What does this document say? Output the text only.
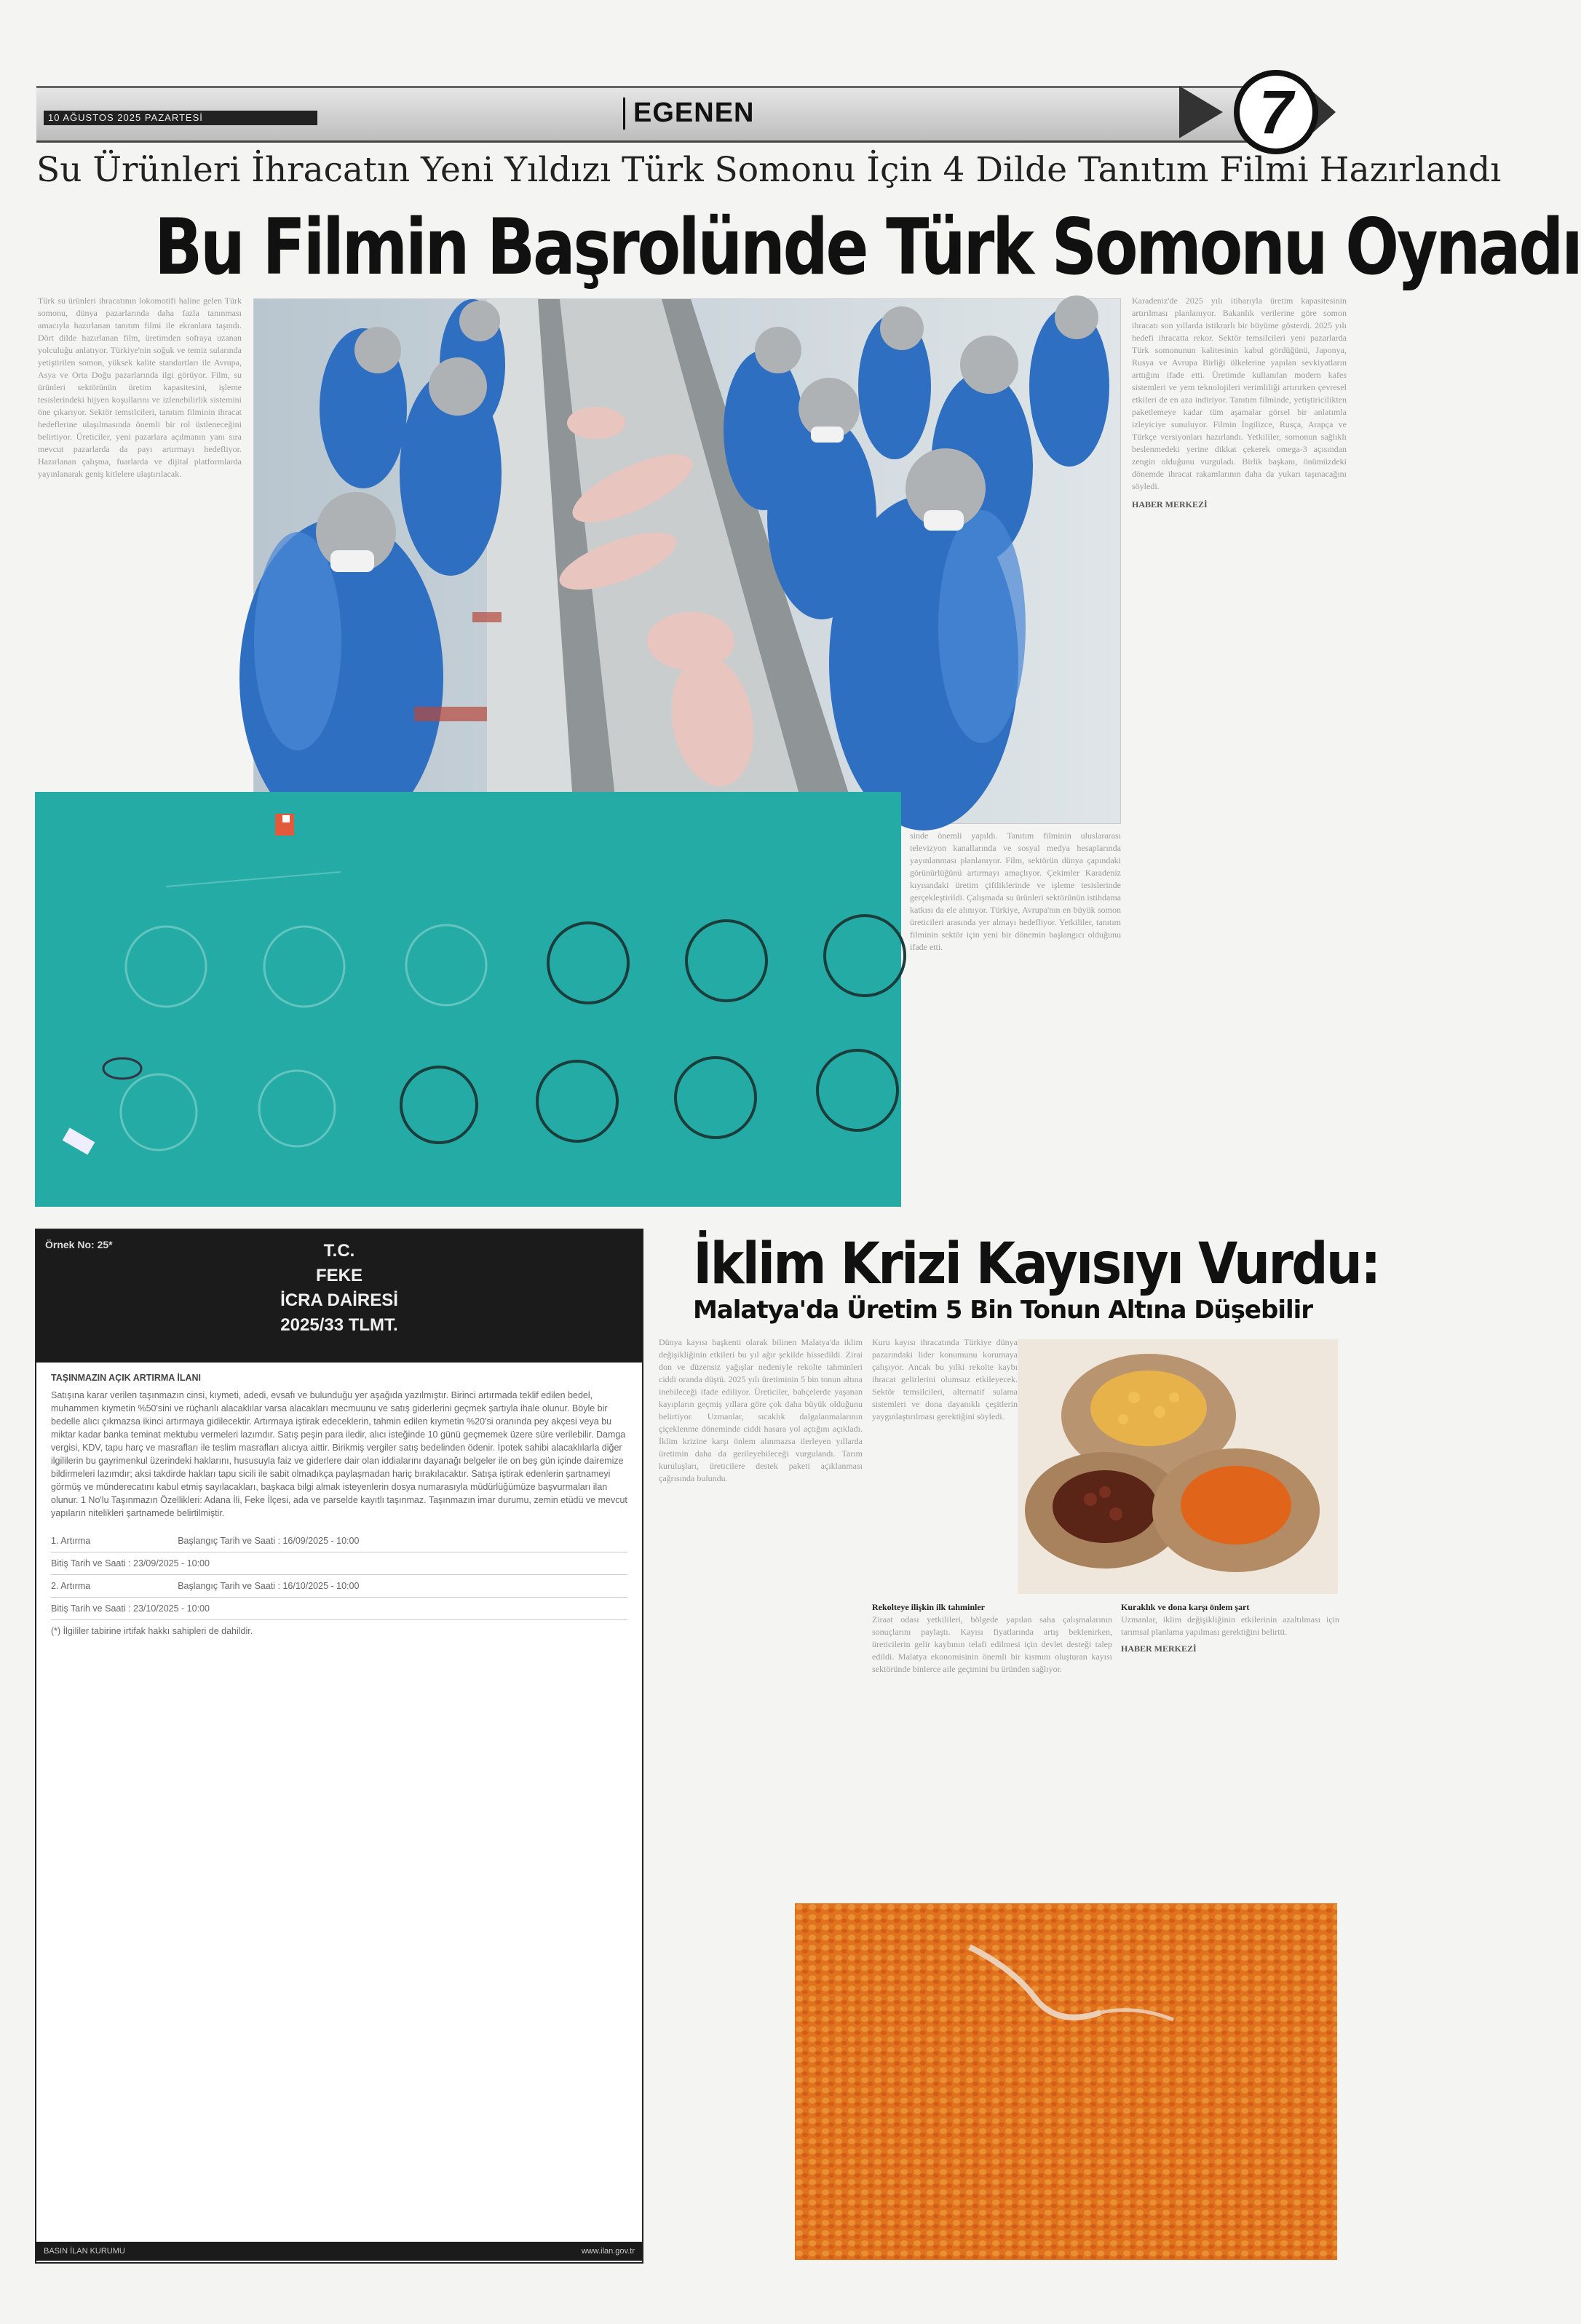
10 AĞUSTOS 2025 PAZARTESİ	EGENEN	7
Su Ürünleri İhracatın Yeni Yıldızı Türk Somonu İçin 4 Dilde Tanıtım Filmi Hazırlandı
Bu Filmin Başrolünde Türk Somonu Oynadı

Türk su ürünleri ihracatının lokomotifi haline gelen Türk somonu, dünya pazarlarında daha fazla tanınması amacıyla hazırlanan tanıtım filmi ile ekranlara taşındı. Dört dilde hazırlanan film, üretimden sofraya uzanan yolculuğu anlatıyor. Türkiye'nin soğuk ve temiz sularında yetiştirilen somon, yüksek kalite standartları ile Avrupa, Asya ve Orta Doğu pazarlarında ilgi görüyor. Film, su ürünleri sektörünün üretim kapasitesini, işleme tesislerindeki hijyen koşullarını ve izlenebilirlik sistemini öne çıkarıyor. Sektör temsilcileri, tanıtım filminin ihracat hedeflerine ulaşılmasında önemli bir rol üstleneceğini belirtiyor. Üreticiler, yeni pazarlara açılmanın yanı sıra mevcut pazarlarda da payı artırmayı hedefliyor. Hazırlanan çalışma, fuarlarda ve dijital platformlarda yayınlanarak geniş kitlelere ulaştırılacak.

Karadeniz'de 2025 yılı itibarıyla üretim kapasitesinin artırılması planlanıyor. Bakanlık verilerine göre somon ihracatı son yıllarda istikrarlı bir büyüme gösterdi. 2025 yılı hedefi ihracatta rekor. Sektör temsilcileri yeni pazarlarda Türk somonunun kalitesinin kabul gördüğünü, Japonya, Rusya ve Avrupa Birliği ülkelerine yapılan sevkiyatların arttığını ifade etti. Üretimde kullanılan modern kafes sistemleri ve yem teknolojileri verimliliği artırırken çevresel etkileri de en aza indiriyor. Tanıtım filminde, yetiştiricilikten paketlemeye kadar tüm aşamalar görsel bir anlatımla izleyiciye sunuluyor. Filmin İngilizce, Rusça, Arapça ve Türkçe versiyonları hazırlandı. Yetkililer, somonun sağlıklı beslenmedeki yerine dikkat çekerek omega-3 açısından zengin olduğunu vurguladı. Birlik başkanı, önümüzdeki dönemde ihracat rakamlarının daha da yukarı taşınacağını söyledi.

HABER MERKEZİ

sinde önemli yapıldı. Tanıtım filminin uluslararası televizyon kanallarında ve sosyal medya hesaplarında yayınlanması planlanıyor. Film, sektörün dünya çapındaki görünürlüğünü artırmayı amaçlıyor. Çekimler Karadeniz kıyısındaki üretim çiftliklerinde ve işleme tesislerinde gerçekleştirildi. Çalışmada su ürünleri sektörünün istihdama katkısı da ele alınıyor. Türkiye, Avrupa'nın en büyük somon üreticileri arasında yer almayı hedefliyor. Yetkililer, tanıtım filminin sektör için yeni bir dönemin başlangıcı olduğunu ifade etti.

Örnek No: 25*	T.C.
FEKE
İCRA DAİRESİ
2025/33 TLMT.
TAŞINMAZIN AÇIK ARTIRMA İLANI
Satışına karar verilen taşınmazın cinsi, kıymeti, adedi, evsafı ve bulunduğu yer aşağıda yazılmıştır. Birinci artırmada teklif edilen bedel, muhammen kıymetin %50'sini ve rüçhanlı alacaklılar varsa alacakları mecmuunu ve satış giderlerini geçmek şartıyla ihale olunur. Böyle bir bedelle alıcı çıkmazsa ikinci artırmaya gidilecektir. Artırmaya iştirak edeceklerin, tahmin edilen kıymetin %20'si oranında pey akçesi veya bu miktar kadar banka teminat mektubu vermeleri lazımdır. Satış peşin para iledir, alıcı isteğinde 10 günü geçmemek üzere süre verilebilir. Damga vergisi, KDV, tapu harç ve masrafları ile teslim masrafları alıcıya aittir. Birikmiş vergiler satış bedelinden ödenir. İpotek sahibi alacaklılarla diğer ilgililerin bu gayrimenkul üzerindeki haklarını, hususuyla faiz ve giderlere dair olan iddialarını dayanağı belgeler ile on beş gün içinde dairemize bildirmeleri lazımdır; aksi takdirde hakları tapu sicili ile sabit olmadıkça paylaşmadan hariç bırakılacaktır. Satışa iştirak edenlerin şartnameyi görmüş ve münderecatını kabul etmiş sayılacakları, başkaca bilgi almak isteyenlerin dosya numarasıyla müdürlüğümüze başvurmaları ilan olunur. 1 No'lu Taşınmazın Özellikleri: Adana İli, Feke İlçesi, ada ve parselde kayıtlı taşınmaz. Taşınmazın imar durumu, zemin etüdü ve mevcut yapıların nitelikleri şartnamede belirtilmiştir.
1. Artırma	Başlangıç Tarih ve Saati : 16/09/2025 - 10:00
Bitiş Tarih ve Saati : 23/09/2025 - 10:00
2. Artırma	Başlangıç Tarih ve Saati : 16/10/2025 - 10:00
Bitiş Tarih ve Saati : 23/10/2025 - 10:00
(*) İlgililer tabirine irtifak hakkı sahipleri de dahildir.
BASIN İLAN KURUMU	www.ilan.gov.tr
İklim Krizi Kayısıyı Vurdu:
Malatya'da Üretim 5 Bin Tonun Altına Düşebilir

Dünya kayısı başkenti olarak bilinen Malatya'da iklim değişikliğinin etkileri bu yıl ağır şekilde hissedildi. Zirai don ve düzensiz yağışlar nedeniyle rekolte tahminleri ciddi oranda düştü. 2025 yılı üretiminin 5 bin tonun altına inebileceği ifade ediliyor. Üreticiler, bahçelerde yaşanan kayıpların geçmiş yıllara göre çok daha büyük olduğunu belirtiyor. Uzmanlar, sıcaklık dalgalanmalarının çiçeklenme döneminde ciddi hasara yol açtığını açıkladı. İklim krizine karşı önlem alınmazsa ilerleyen yıllarda üretimin daha da gerileyebileceği vurgulandı. Tarım kuruluşları, üreticilere destek paketi açıklanması çağrısında bulundu.

Kuru kayısı ihracatında Türkiye dünya pazarındaki lider konumunu korumaya çalışıyor. Ancak bu yılki rekolte kaybı ihracat gelirlerini olumsuz etkileyecek. Sektör temsilcileri, alternatif sulama sistemleri ve dona dayanıklı çeşitlerin yaygınlaştırılması gerektiğini söyledi.

Kuraklık ve dona karşı önlem şart

Uzmanlar, iklim değişikliğinin etkilerinin azaltılması için tarımsal planlama yapılması gerektiğini belirtti.

HABER MERKEZİ

Rekolteye ilişkin ilk tahminler

Ziraat odası yetkilileri, bölgede yapılan saha çalışmalarının sonuçlarını paylaştı. Kayısı fiyatlarında artış beklenirken, üreticilerin gelir kaybının telafi edilmesi için devlet desteği talep edildi. Malatya ekonomisinin önemli bir kısmını oluşturan kayısı sektöründe binlerce aile geçimini bu üründen sağlıyor.
